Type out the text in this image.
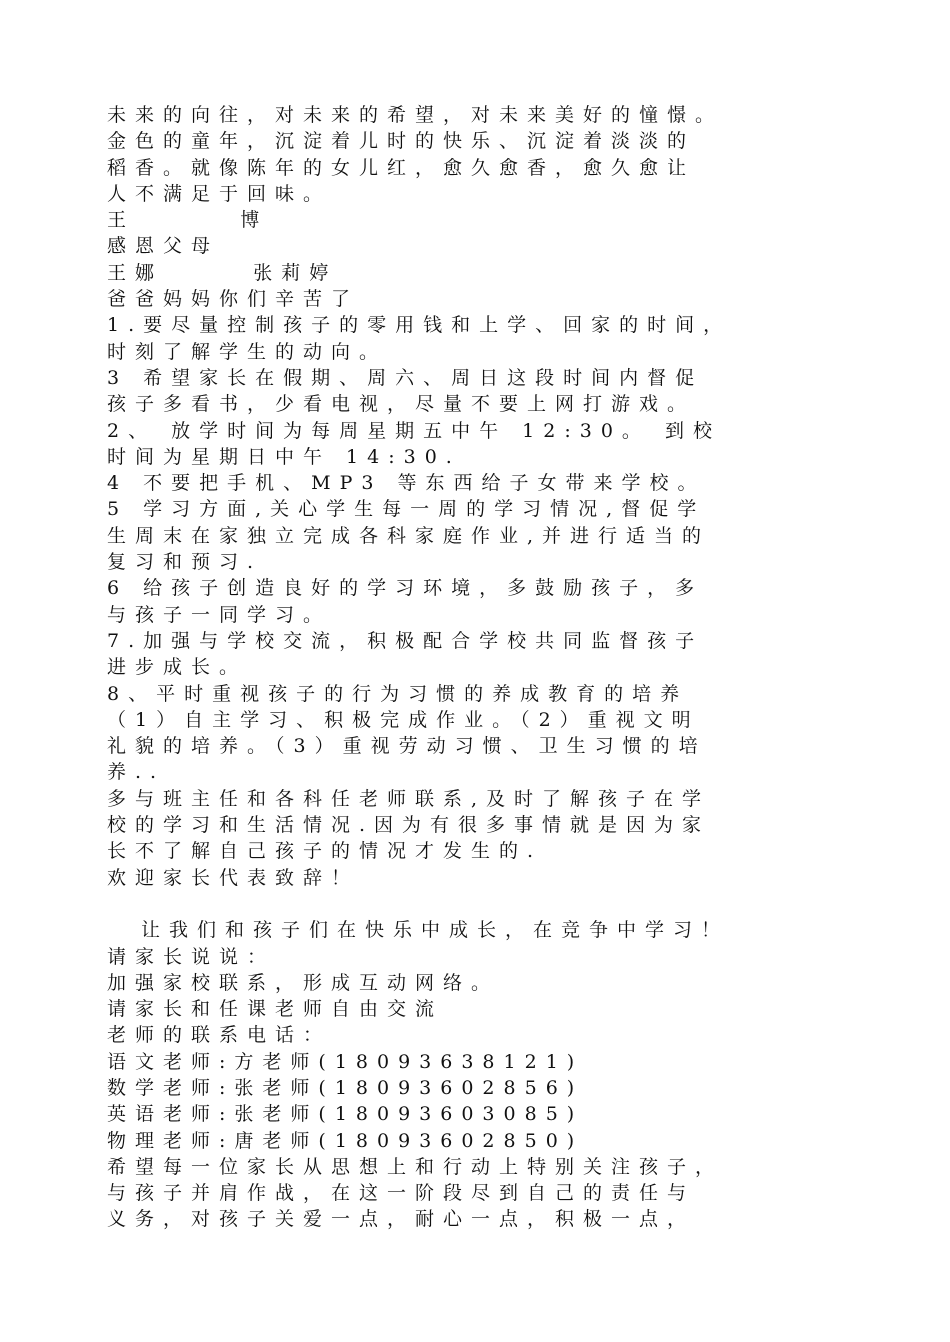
未来的向往，对未来的希望，对未来美好的憧憬。
金色的童年，沉淀着儿时的快乐、沉淀着淡淡的
稻香。就像陈年的女儿红，愈久愈香，愈久愈让
人不满足于回味。
王       博
感恩父母
王娜      张莉婷
爸爸妈妈你们辛苦了
1.要尽量控制孩子的零用钱和上学、回家的时间，
时刻了解学生的动向。
3 希望家长在假期、周六、周日这段时间内督促
孩子多看书，少看电视，尽量不要上网打游戏。
2、 放学时间为每周星期五中午 12:30。 到校
时间为星期日中午 14:30.
4 不要把手机、MP3 等东西给子女带来学校。
5 学习方面,关心学生每一周的学习情况,督促学
生周末在家独立完成各科家庭作业,并进行适当的
复习和预习.
6 给孩子创造良好的学习环境，多鼓励孩子，多
与孩子一同学习。
7.加强与学校交流，积极配合学校共同监督孩子
进步成长。
8、平时重视孩子的行为习惯的养成教育的培养
（1）自主学习、积极完成作业。（2）重视文明
礼貌的培养。（3）重视劳动习惯、卫生习惯的培
养..
多与班主任和各科任老师联系,及时了解孩子在学
校的学习和生活情况.因为有很多事情就是因为家
长不了解自己孩子的情况才发生的.
欢迎家长代表致辞！
让我们和孩子们在快乐中成长，在竞争中学习！
请家长说说：
加强家校联系，形成互动网络。
请家长和任课老师自由交流
老师的联系电话：
语文老师:方老师(18093638121)
数学老师:张老师(18093602856)
英语老师:张老师(18093603085)
物理老师:唐老师(18093602850)
希望每一位家长从思想上和行动上特别关注孩子，
与孩子并肩作战，在这一阶段尽到自己的责任与
义务，对孩子关爱一点，耐心一点，积极一点，
